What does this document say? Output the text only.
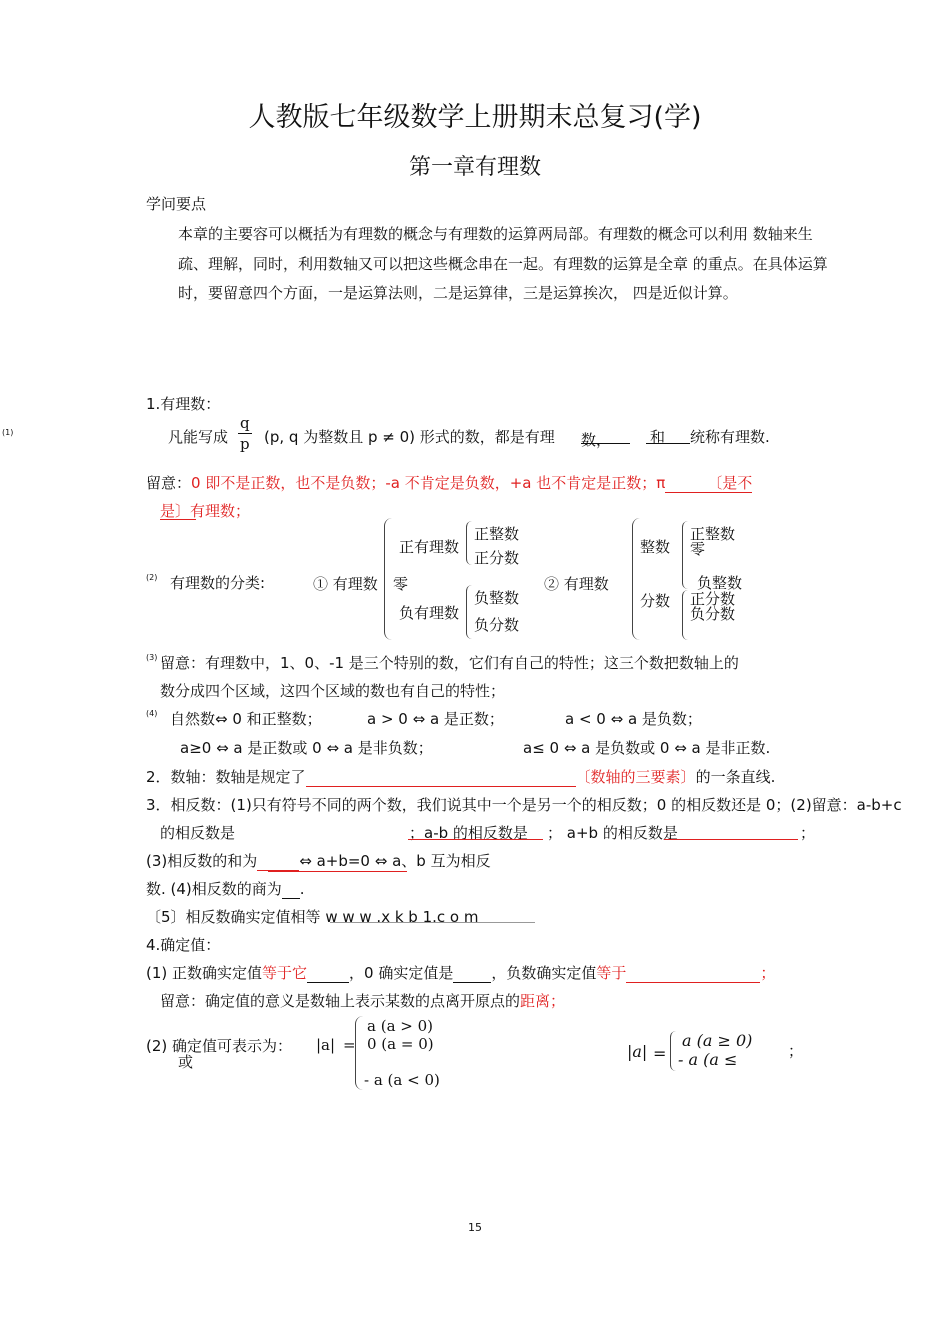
人教版七年级数学上册期末总复习(学)
第一章有理数
学问要点
本章的主要容可以概括为有理数的概念与有理数的运算两局部。有理数的概念可以利用 数轴来生疏、理解，同时，利用数轴又可以把这些概念串在一起。有理数的运算是全章 的重点。在具体运算时，要留意四个方面，一是运算法则，二是运算律，三是运算挨次， 四是近似计算。
1.有理数：
(1)	凡能写成 $\frac{q}{p} (p$, q 为整数且 p ≠ 0) 形式的数，都是有理 数，	和 统称有理数.
留意：0 即不是正数，也不是负数；-a 不肯定是负数，+a 也不肯定是正数；π	〔是不
是〕有理数；
(2) 有理数的分类:	① 有理数
正有理数
正整数
正分数
零
负有理数
负整数
负分数
② 有理数
整数
正整数
零
负整数
分数 正分数
负分数
(3) 留意：有理数中，1、0、-1 是三个特别的数，它们有自己的特性；这三个数把数轴上的
数分成四个区域，这四个区域的数也有自己的特性；
(4) 自然数⇔ 0 和正整数；	a > 0 ⇔ a 是正数；	a < 0 ⇔ a 是负数；
a≥0 ⇔ a 是正数或 0 ⇔ a 是非负数；	a≤ 0 ⇔ a 是负数或 0 ⇔ a 是非正数.
2．数轴：数轴是规定了	〔数轴的三要素〕的一条直线.
3．相反数：(1)只有符号不同的两个数，我们说其中一个是另一个的相反数；0 的相反数还是 0；(2)留意：a-b+c
的相反数是	；a-b 的相反数是 ； a+b 的相反数是	；
(3)相反数的和为	⇔ a+b=0 ⇔ a、b 互为相反
数. (4)相反数的商为 .
〔5〕相反数确实定值相等 w w w .x k b 1.c o m
4.确定值：
(1) 正数确实定值等于它	，0 确实定值是	，负数确实定值等于	；
留意：确定值的意义是数轴上表示某数的点离开原点的距离；
(2) 确定值可表示为：
或
|a| =
a (a > 0)
0 (a = 0)
- a (a < 0)
|a| =
a (a ≥ 0)
- a (a ≤	；
15
